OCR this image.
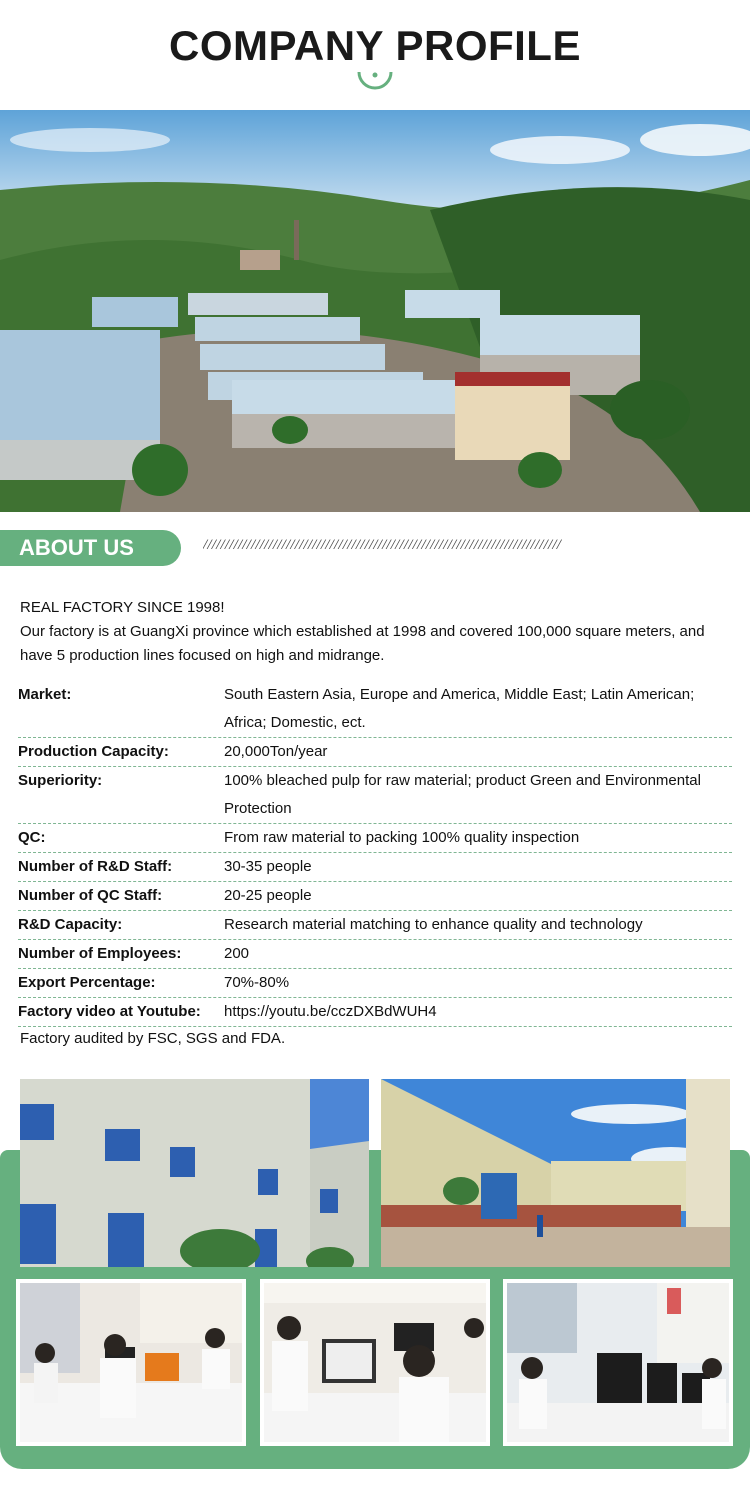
COMPANY PROFILE
ABOUT US	//////////////////////////////////////////////////////////////////////////////////

REAL FACTORY SINCE 1998!

Our factory is at GuangXi province which established at 1998 and covered 100,000 square meters, and have 5 production lines focused on high and midrange.

Market:	South Eastern Asia, Europe and America, Middle East; Latin American; Africa; Domestic, ect.
Production Capacity:	20,000Ton/year
Superiority:	100% bleached pulp for raw material; product Green and Environmental Protection
QC:	From raw material to packing 100% quality inspection
Number of R&D Staff:	30-35 people
Number of QC Staff:	20-25 people
R&D Capacity:	Research material matching to enhance quality and technology
Number of Employees:	200
Export Percentage:	70%-80%
Factory video at Youtube:	https://youtu.be/cczDXBdWUH4
Factory audited by FSC, SGS and FDA.
